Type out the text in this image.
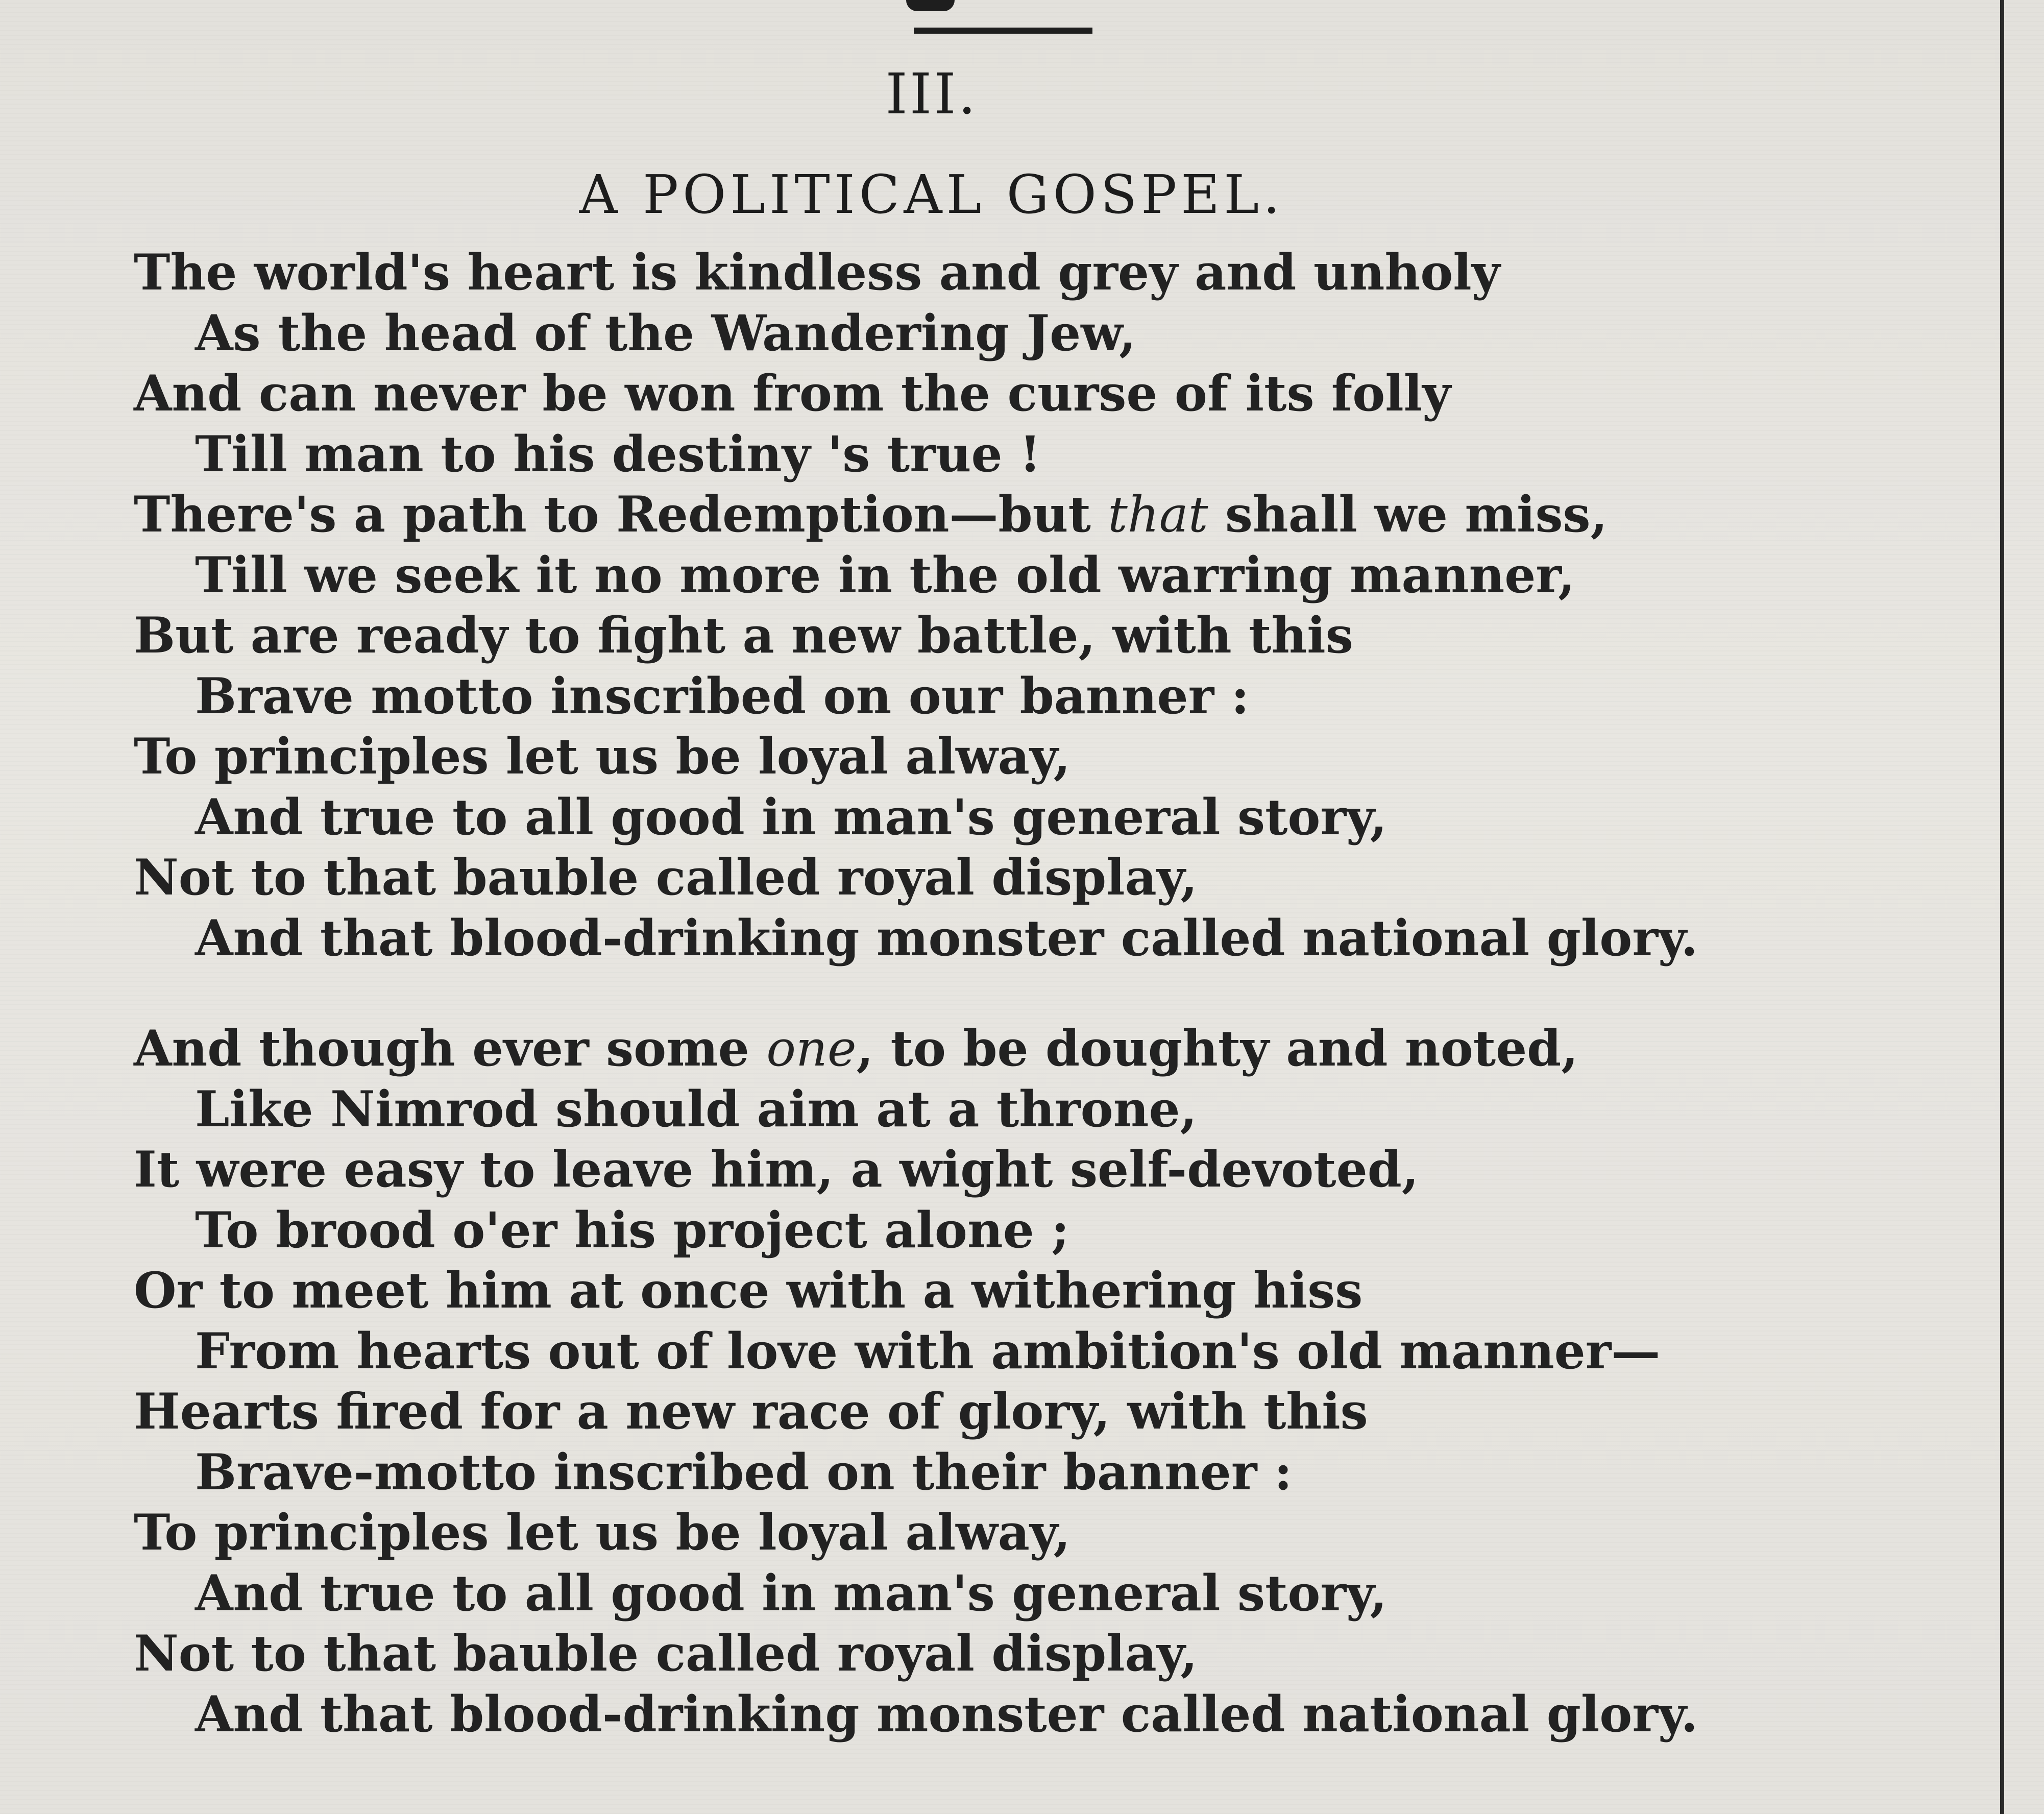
III.
A POLITICAL GOSPEL.
The world's heart is kindless and grey and unholy
As the head of the Wandering Jew,
And can never be won from the curse of its folly
Till man to his destiny 's true !
There's a path to Redemption—but that shall we miss,
Till we seek it no more in the old warring manner,
But are ready to fight a new battle, with this
Brave motto inscribed on our banner :
To principles let us be loyal alway,
And true to all good in man's general story,
Not to that bauble called royal display,
And that blood-drinking monster called national glory.
And though ever some one, to be doughty and noted,
Like Nimrod should aim at a throne,
It were easy to leave him, a wight self-devoted,
To brood o'er his project alone ;
Or to meet him at once with a withering hiss
From hearts out of love with ambition's old manner—
Hearts fired for a new race of glory, with this
Brave-motto inscribed on their banner :
To principles let us be loyal alway,
And true to all good in man's general story,
Not to that bauble called royal display,
And that blood-drinking monster called national glory.
